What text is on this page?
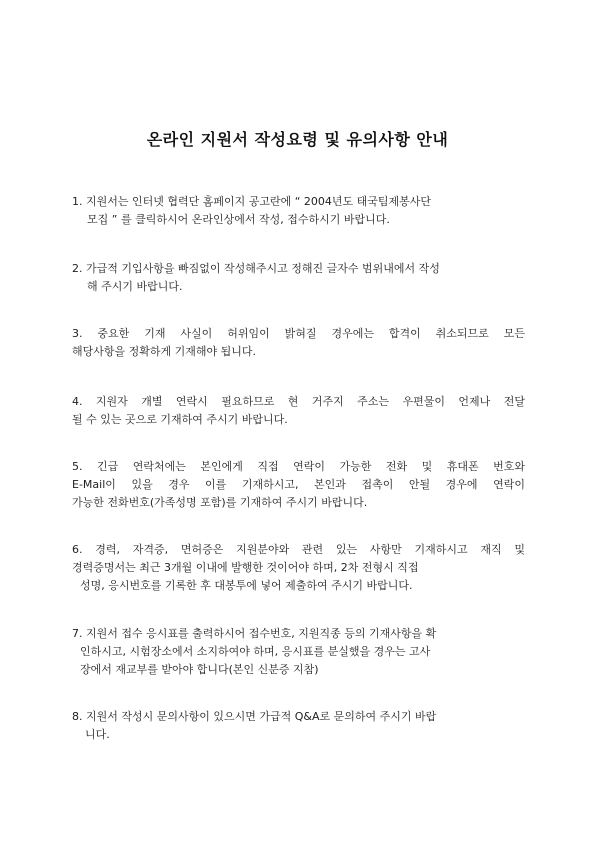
온라인 지원서 작성요령 및 유의사항 안내
1. 지원서는 인터넷 협력단 홈페이지 공고란에 “ 2004년도 태국팀제봉사단
모집 ” 를 클릭하시어 온라인상에서 작성, 접수하시기 바랍니다.
2. 가급적 기입사항을 빠짐없이 작성해주시고 정해진 글자수 범위내에서 작성
해 주시기 바랍니다.
3. 중요한 기재 사실이 허위임이 밝혀질 경우에는 합격이 취소되므로 모든
해당사항을 정확하게 기재해야 됩니다.
4. 지원자 개별 연락시 필요하므로 현 거주지 주소는 우편물이 언제나 전달
될 수 있는 곳으로 기재하여 주시기 바랍니다.
5. 긴급 연락처에는 본인에게 직접 연락이 가능한 전화 및 휴대폰 번호와
E-Mail이 있을 경우 이를 기재하시고, 본인과 접촉이 안될 경우에 연락이
가능한 전화번호(가족성명 포함)를 기재하여 주시기 바랍니다.
6. 경력, 자격증, 면허증은 지원분야와 관련 있는 사항만 기재하시고 재직 및
경력증명서는 최근 3개월 이내에 발행한 것이어야 하며, 2차 전형시 직접
성명, 응시번호를 기록한 후 대봉투에 넣어 제출하여 주시기 바랍니다.
7. 지원서 접수 응시표를 출력하시어 접수번호, 지원직종 등의 기재사항을 확
인하시고, 시험장소에서 소지하여야 하며, 응시표를 분실했을 경우는 고사
장에서 재교부를 받아야 합니다(본인 신분증 지참)
8. 지원서 작성시 문의사항이 있으시면 가급적 Q&A로 문의하여 주시기 바랍
니다.
